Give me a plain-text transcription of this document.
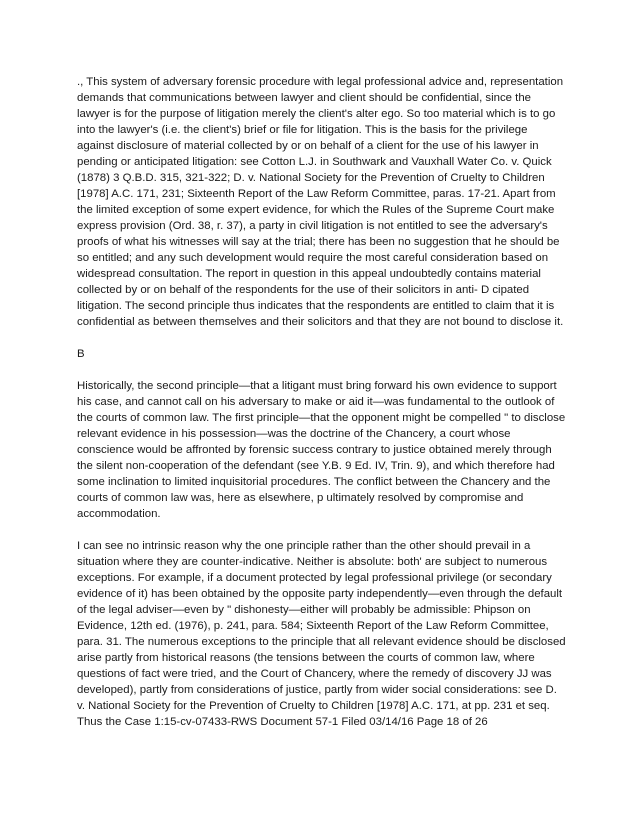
., This system of adversary forensic procedure with legal professional advice and, representation demands that communications between lawyer and client should be confidential, since the lawyer is for the purpose of litigation merely the client's alter ego. So too material which is to go into the lawyer's (i.e. the client's) brief or file for litigation. This is the basis for the privilege against disclosure of material collected by or on behalf of a client for the use of his lawyer in pending or anticipated litigation: see Cotton L.J. in Southwark and Vauxhall Water Co. v. Quick (1878) 3 Q.B.D. 315, 321-322; D. v. National Society for the Prevention of Cruelty to Children [1978] A.C. 171, 231; Sixteenth Report of the Law Reform Committee, paras. 17-21. Apart from the limited exception of some expert evidence, for which the Rules of the Supreme Court make express provision (Ord. 38, r. 37), a party in civil litigation is not entitled to see the adversary's proofs of what his witnesses will say at the trial; there has been no suggestion that he should be so entitled; and any such development would require the most careful consideration based on widespread consultation. The report in question in this appeal undoubtedly contains material collected by or on behalf of the respondents for the use of their solicitors in anti- D cipated litigation. The second principle thus indicates that the respondents are entitled to claim that it is confidential as between themselves and their solicitors and that they are not bound to disclose it.

B

Historically, the second principle—that a litigant must bring forward his own evidence to support his case, and cannot call on his adversary to make or aid it—was fundamental to the outlook of the courts of common law. The first principle—that the opponent might be compelled " to disclose relevant evidence in his possession—was the doctrine of the Chancery, a court whose conscience would be affronted by forensic success contrary to justice obtained merely through the silent non-cooperation of the defendant (see Y.B. 9 Ed. IV, Trin. 9), and which therefore had some inclination to limited inquisitorial procedures. The conflict between the Chancery and the courts of common law was, here as elsewhere, p ultimately resolved by compromise and accommodation.

I can see no intrinsic reason why the one principle rather than the other should prevail in a situation where they are counter-indicative. Neither is absolute: both' are subject to numerous exceptions. For example, if a document protected by legal professional privilege (or secondary evidence of it) has been obtained by the opposite party independently—even through the default of the legal adviser—even by " dishonesty—either will probably be admissible: Phipson on Evidence, 12th ed. (1976), p. 241, para. 584; Sixteenth Report of the Law Reform Committee, para. 31. The numerous exceptions to the principle that all relevant evidence should be disclosed arise partly from historical reasons (the tensions between the courts of common law, where questions of fact were tried, and the Court of Chancery, where the remedy of discovery JJ was developed), partly from considerations of justice, partly from wider social considerations: see D. v. National Society for the Prevention of Cruelty to Children [1978] A.C. 171, at pp. 231 et seq. Thus the Case 1:15-cv-07433-RWS Document 57-1 Filed 03/14/16 Page 18 of 26
